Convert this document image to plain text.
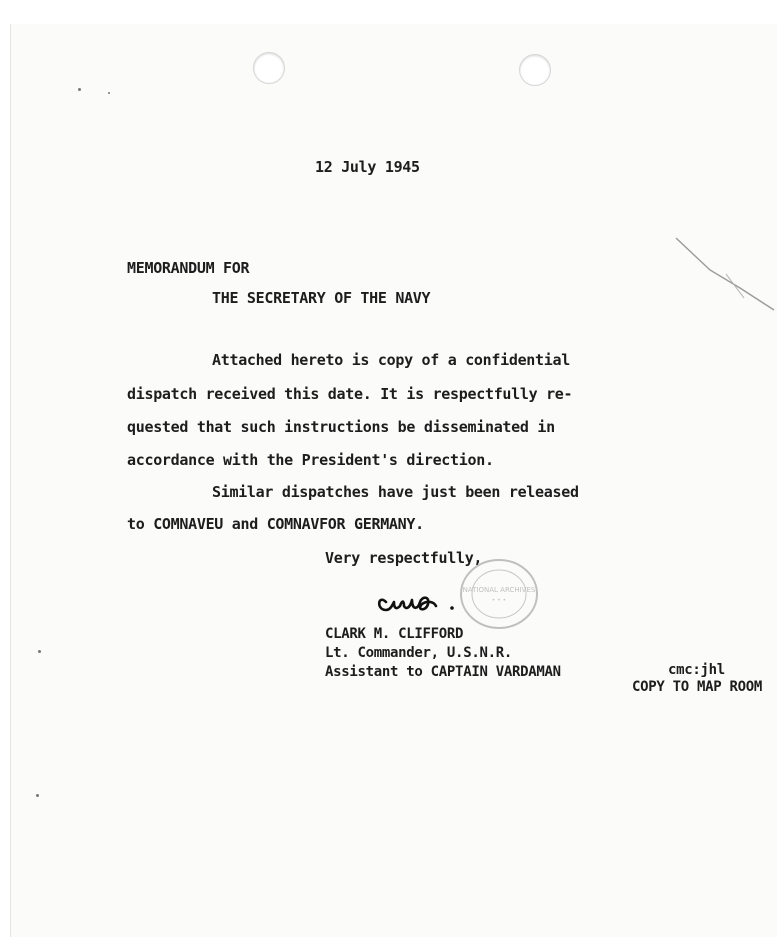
12 July 1945
MEMORANDUM FOR
THE SECRETARY OF THE NAVY
Attached hereto is copy of a confidential
dispatch received this date. It is respectfully re-
quested that such instructions be disseminated in
accordance with the President's direction.
Similar dispatches have just been released
to COMNAVEU and COMNAVFOR GERMANY.
Very respectfully,
NATIONAL ARCHIVES
• • •
CLARK M. CLIFFORD
Lt. Commander, U.S.N.R.
Assistant to CAPTAIN VARDAMAN	cmc:jhl
COPY TO MAP ROOM
